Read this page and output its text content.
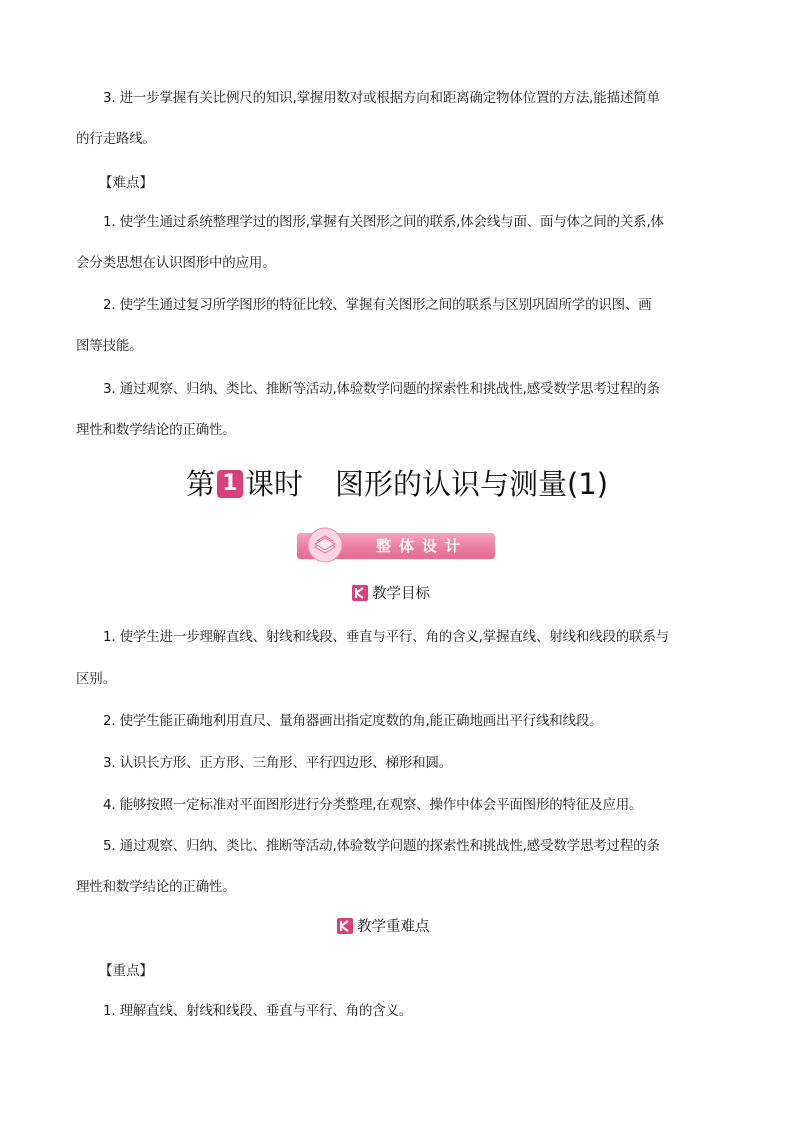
3. 进一步掌握有关比例尺的知识,掌握用数对或根据方向和距离确定物体位置的方法,能描述简单

的行走路线。

【难点】

1. 使学生通过系统整理学过的图形,掌握有关图形之间的联系,体会线与面、面与体之间的关系,体

会分类思想在认识图形中的应用。

2. 使学生通过复习所学图形的特征比较、掌握有关图形之间的联系与区别巩固所学的识图、画

图等技能。

3. 通过观察、归纳、类比、推断等活动,体验数学问题的探索性和挑战性,感受数学思考过程的条

理性和数学结论的正确性。

第 1 课时 图形的认识与测量(1)
整体设计
教学目标

1. 使学生进一步理解直线、射线和线段、垂直与平行、角的含义,掌握直线、射线和线段的联系与

区别。

2. 使学生能正确地利用直尺、量角器画出指定度数的角,能正确地画出平行线和线段。

3. 认识长方形、正方形、三角形、平行四边形、梯形和圆。

4. 能够按照一定标准对平面图形进行分类整理,在观察、操作中体会平面图形的特征及应用。

5. 通过观察、归纳、类比、推断等活动,体验数学问题的探索性和挑战性,感受数学思考过程的条

理性和数学结论的正确性。

教学重难点
【重点】

1. 理解直线、射线和线段、垂直与平行、角的含义。
